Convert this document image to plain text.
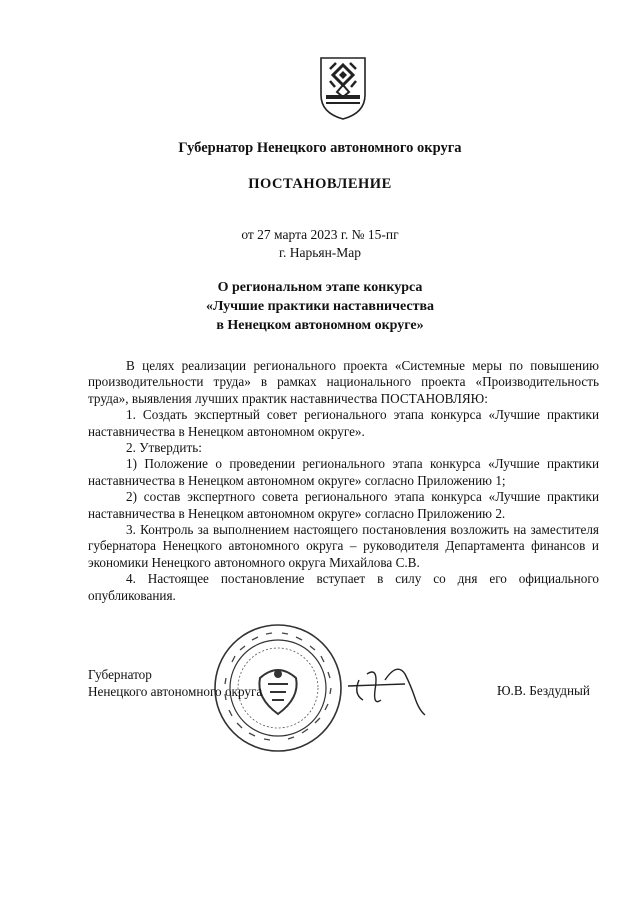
Губернатор Ненецкого автономного округа
ПОСТАНОВЛЕНИЕ
от 27 марта 2023 г. № 15-пг
г. Нарьян-Мар
О региональном этапе конкурса
«Лучшие практики наставничества
в Ненецком автономном округе»

В целях реализации регионального проекта «Системные меры по повышению производительности труда» в рамках национального проекта «Производительность труда», выявления лучших практик наставничества ПОСТАНОВЛЯЮ:

1. Создать экспертный совет регионального этапа конкурса «Лучшие практики наставничества в Ненецком автономном округе».

2. Утвердить:

1) Положение о проведении регионального этапа конкурса «Лучшие практики наставничества в Ненецком автономном округе» согласно Приложению 1;

2) состав экспертного совета регионального этапа конкурса «Лучшие практики наставничества в Ненецком автономном округе» согласно Приложению 2.

3. Контроль за выполнением настоящего постановления возложить на заместителя губернатора Ненецкого автономного округа – руководителя Департамента финансов и экономики Ненецкого автономного округа Михайлова С.В.

4. Настоящее постановление вступает в силу со дня его официального опубликования.

Губернатор
Ненецкого автономного округа	Ю.В. Бездудный
